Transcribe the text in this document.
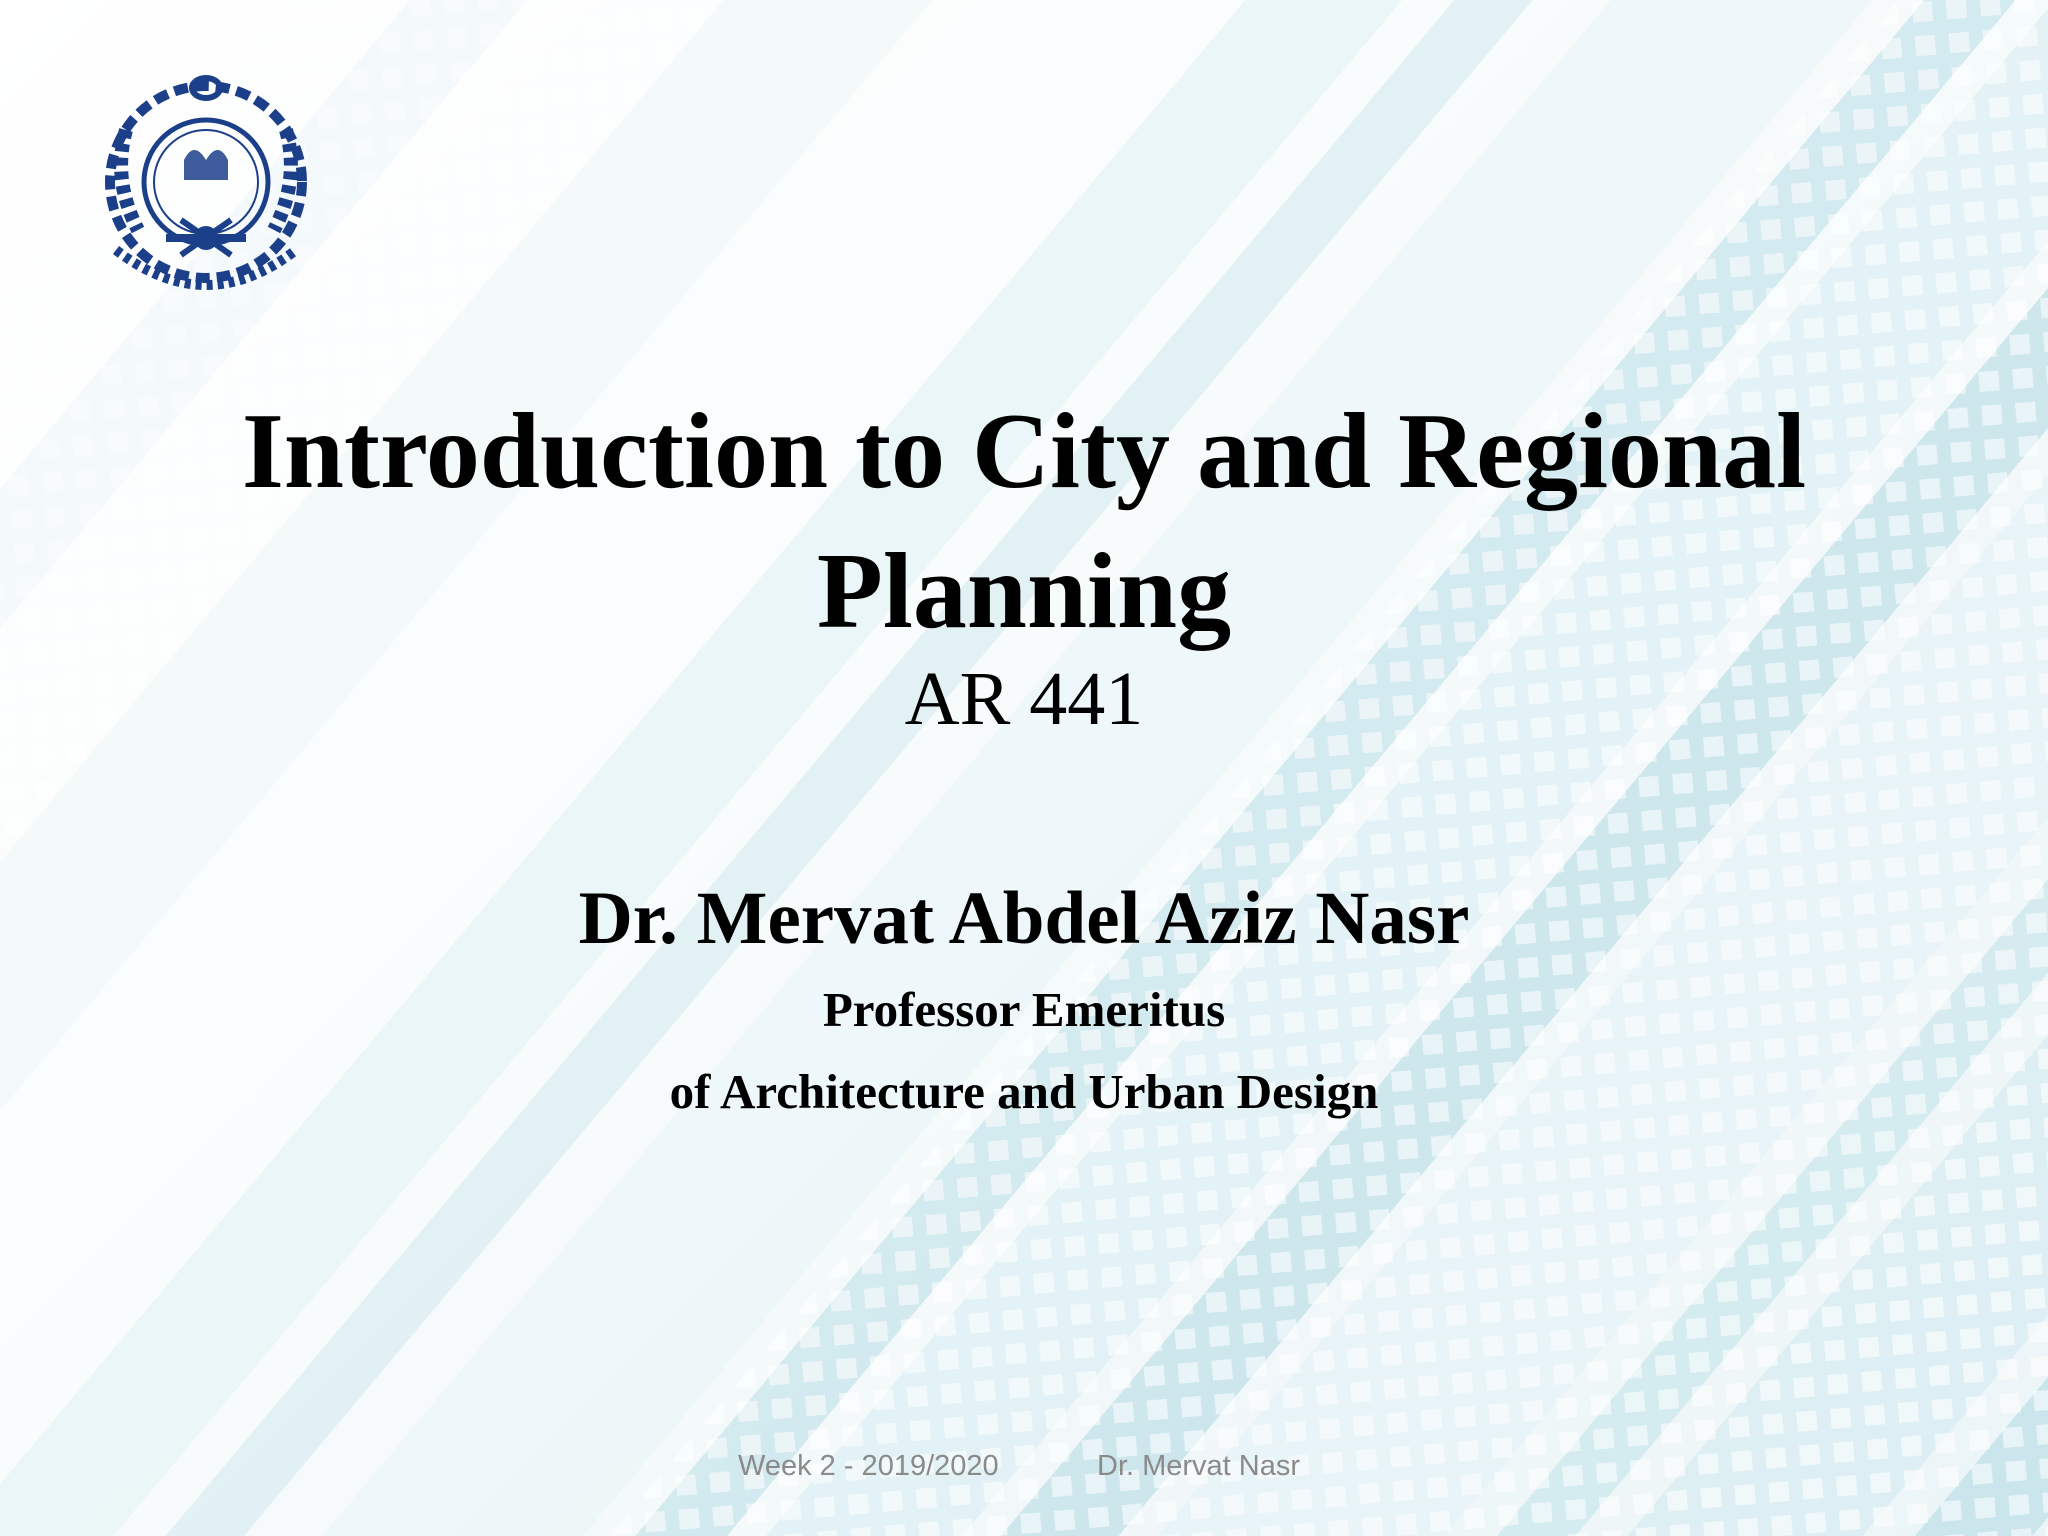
Introduction to City and Regional
Planning
AR 441
Dr. Mervat Abdel Aziz Nasr
Professor Emeritus
of Architecture and Urban Design
Week 2 - 2019/2020	Dr. Mervat Nasr
